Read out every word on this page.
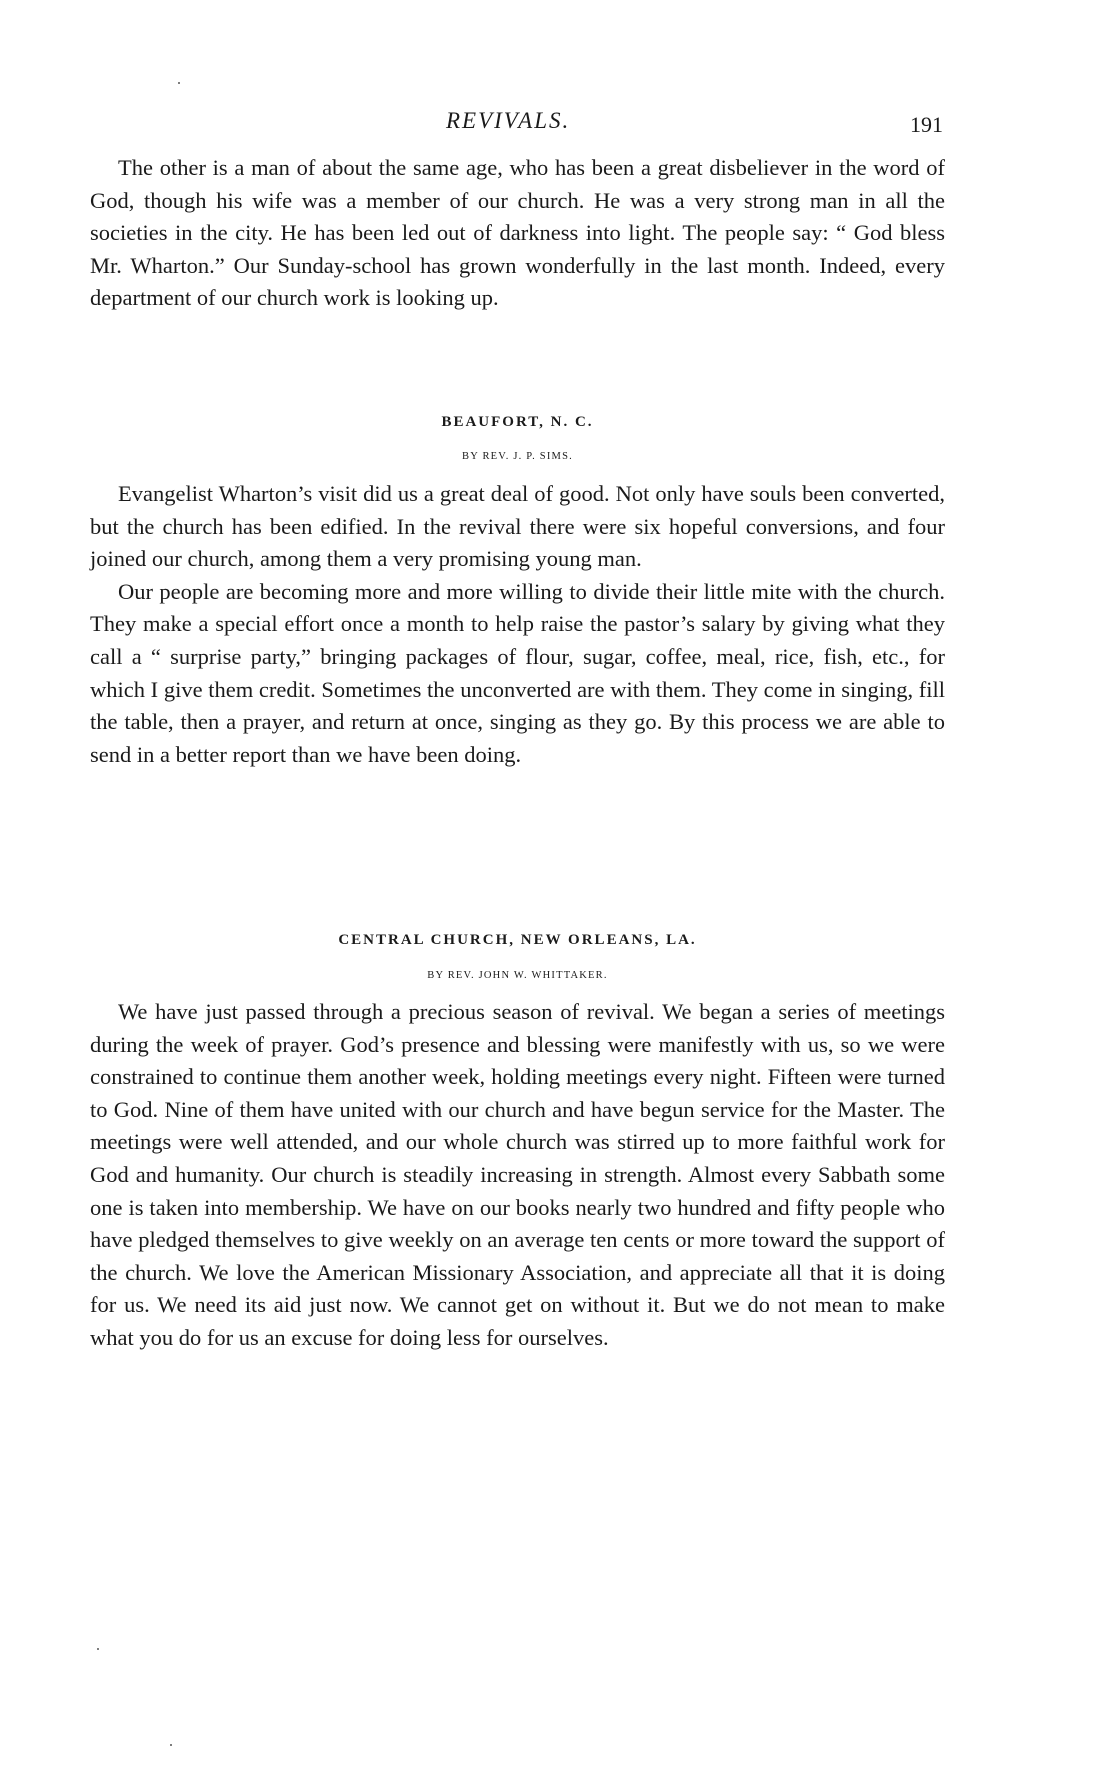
REVIVALS.	191

The other is a man of about the same age, who has been a great disbeliever in the word of God, though his wife was a member of our church. He was a very strong man in all the societies in the city. He has been led out of darkness into light. The people say: “ God bless Mr. Wharton.” Our Sunday-school has grown wonderfully in the last month. Indeed, every department of our church work is looking up.

BEAUFORT, N. C.
BY REV. J. P. SIMS.

Evangelist Wharton’s visit did us a great deal of good. Not only have souls been converted, but the church has been edified. In the revival there were six hopeful conversions, and four joined our church, among them a very promising young man.

Our people are becoming more and more willing to divide their little mite with the church. They make a special effort once a month to help raise the pastor’s salary by giving what they call a “ surprise party,” bringing packages of flour, sugar, coffee, meal, rice, fish, etc., for which I give them credit. Sometimes the unconverted are with them. They come in singing, fill the table, then a prayer, and return at once, singing as they go. By this process we are able to send in a better report than we have been doing.

CENTRAL CHURCH, NEW ORLEANS, LA.
BY REV. JOHN W. WHITTAKER.

We have just passed through a precious season of revival. We began a series of meetings during the week of prayer. God’s presence and blessing were manifestly with us, so we were constrained to continue them another week, holding meetings every night. Fifteen were turned to God. Nine of them have united with our church and have begun service for the Master. The meetings were well attended, and our whole church was stirred up to more faithful work for God and humanity. Our church is steadily increasing in strength. Almost every Sabbath some one is taken into membership. We have on our books nearly two hundred and fifty people who have pledged themselves to give weekly on an average ten cents or more toward the support of the church. We love the American Missionary Association, and appreciate all that it is doing for us. We need its aid just now. We cannot get on without it. But we do not mean to make what you do for us an excuse for doing less for ourselves.
